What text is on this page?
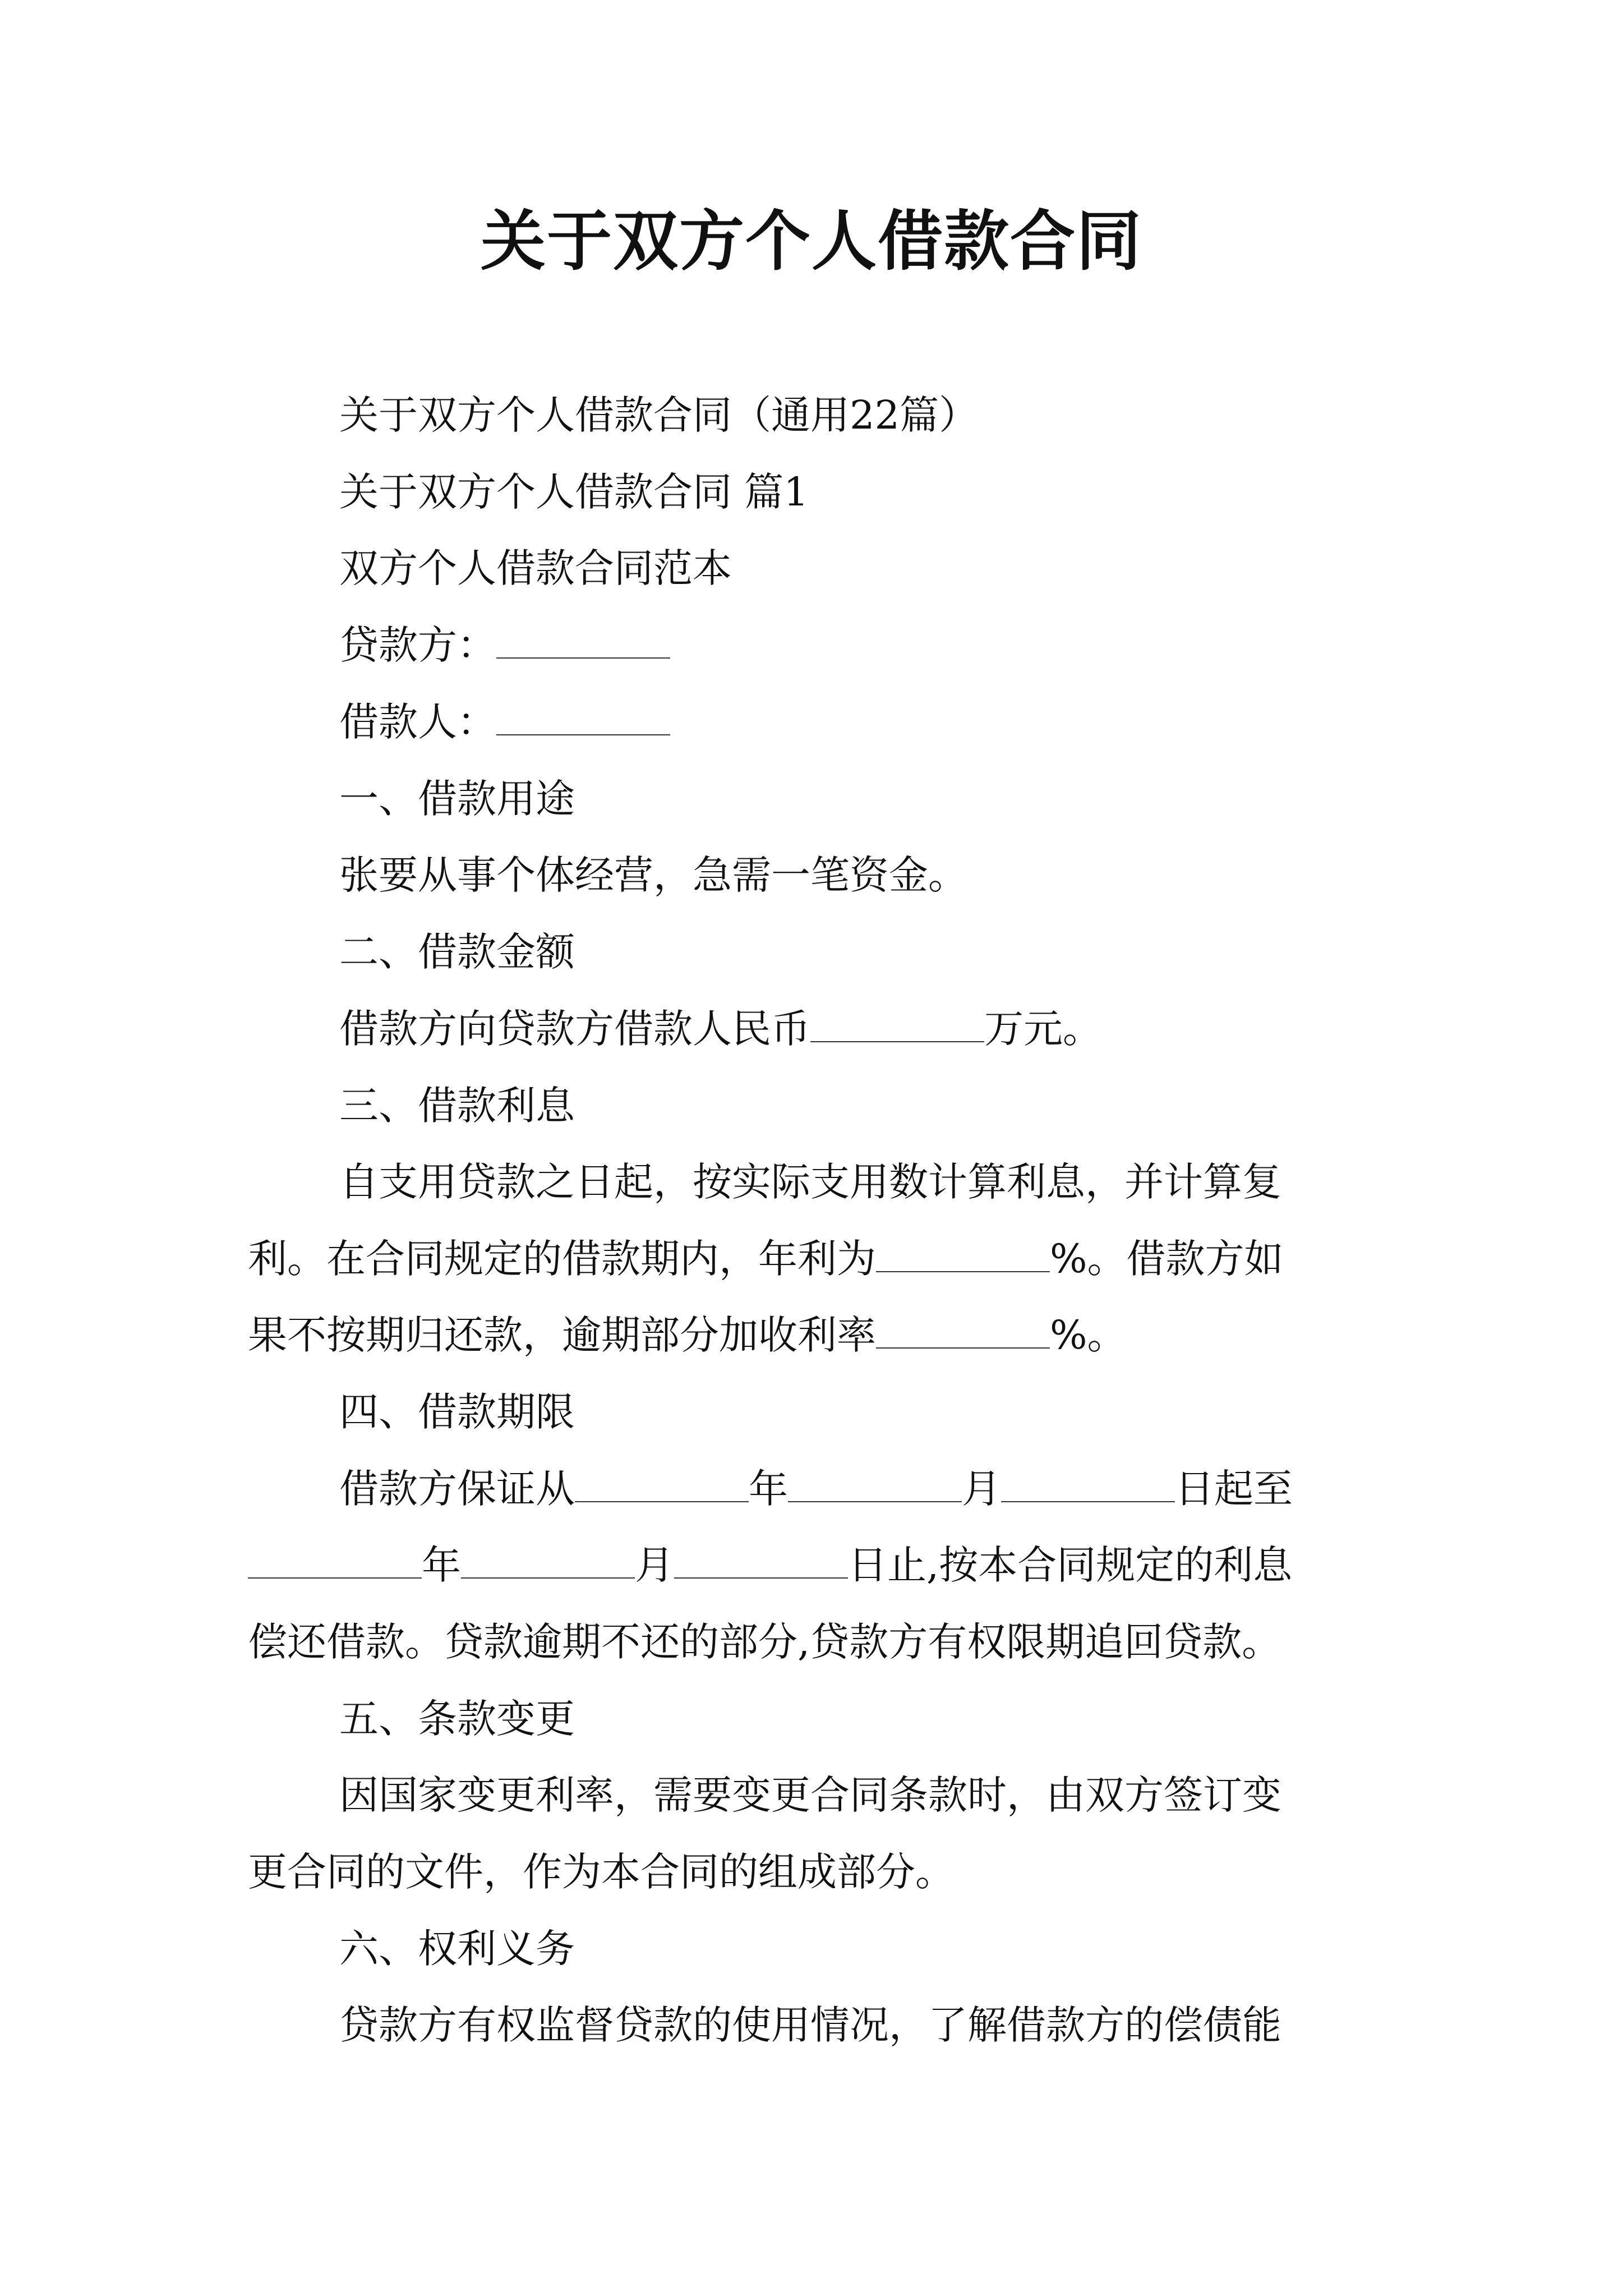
关于双方个人借款合同
关于双方个人借款合同（通用22篇）
关于双方个人借款合同 篇1
双方个人借款合同范本
贷款方：
借款人：
一、借款用途
张要从事个体经营，急需一笔资金。
二、借款金额
借款方向贷款方借款人民币	万元。
三、借款利息
自支用贷款之日起，按实际支用数计算利息，并计算复
利。在合同规定的借款期内，年利为	%。借款方如
果不按期归还款，逾期部分加收利率	%。
四、借款期限
借款方保证从	年	月	日起至
年	月	日止,按本合同规定的利息
偿还借款。贷款逾期不还的部分,贷款方有权限期追回贷款。
五、条款变更
因国家变更利率，需要变更合同条款时，由双方签订变
更合同的文件，作为本合同的组成部分。
六、权利义务
贷款方有权监督贷款的使用情况，了解借款方的偿债能
